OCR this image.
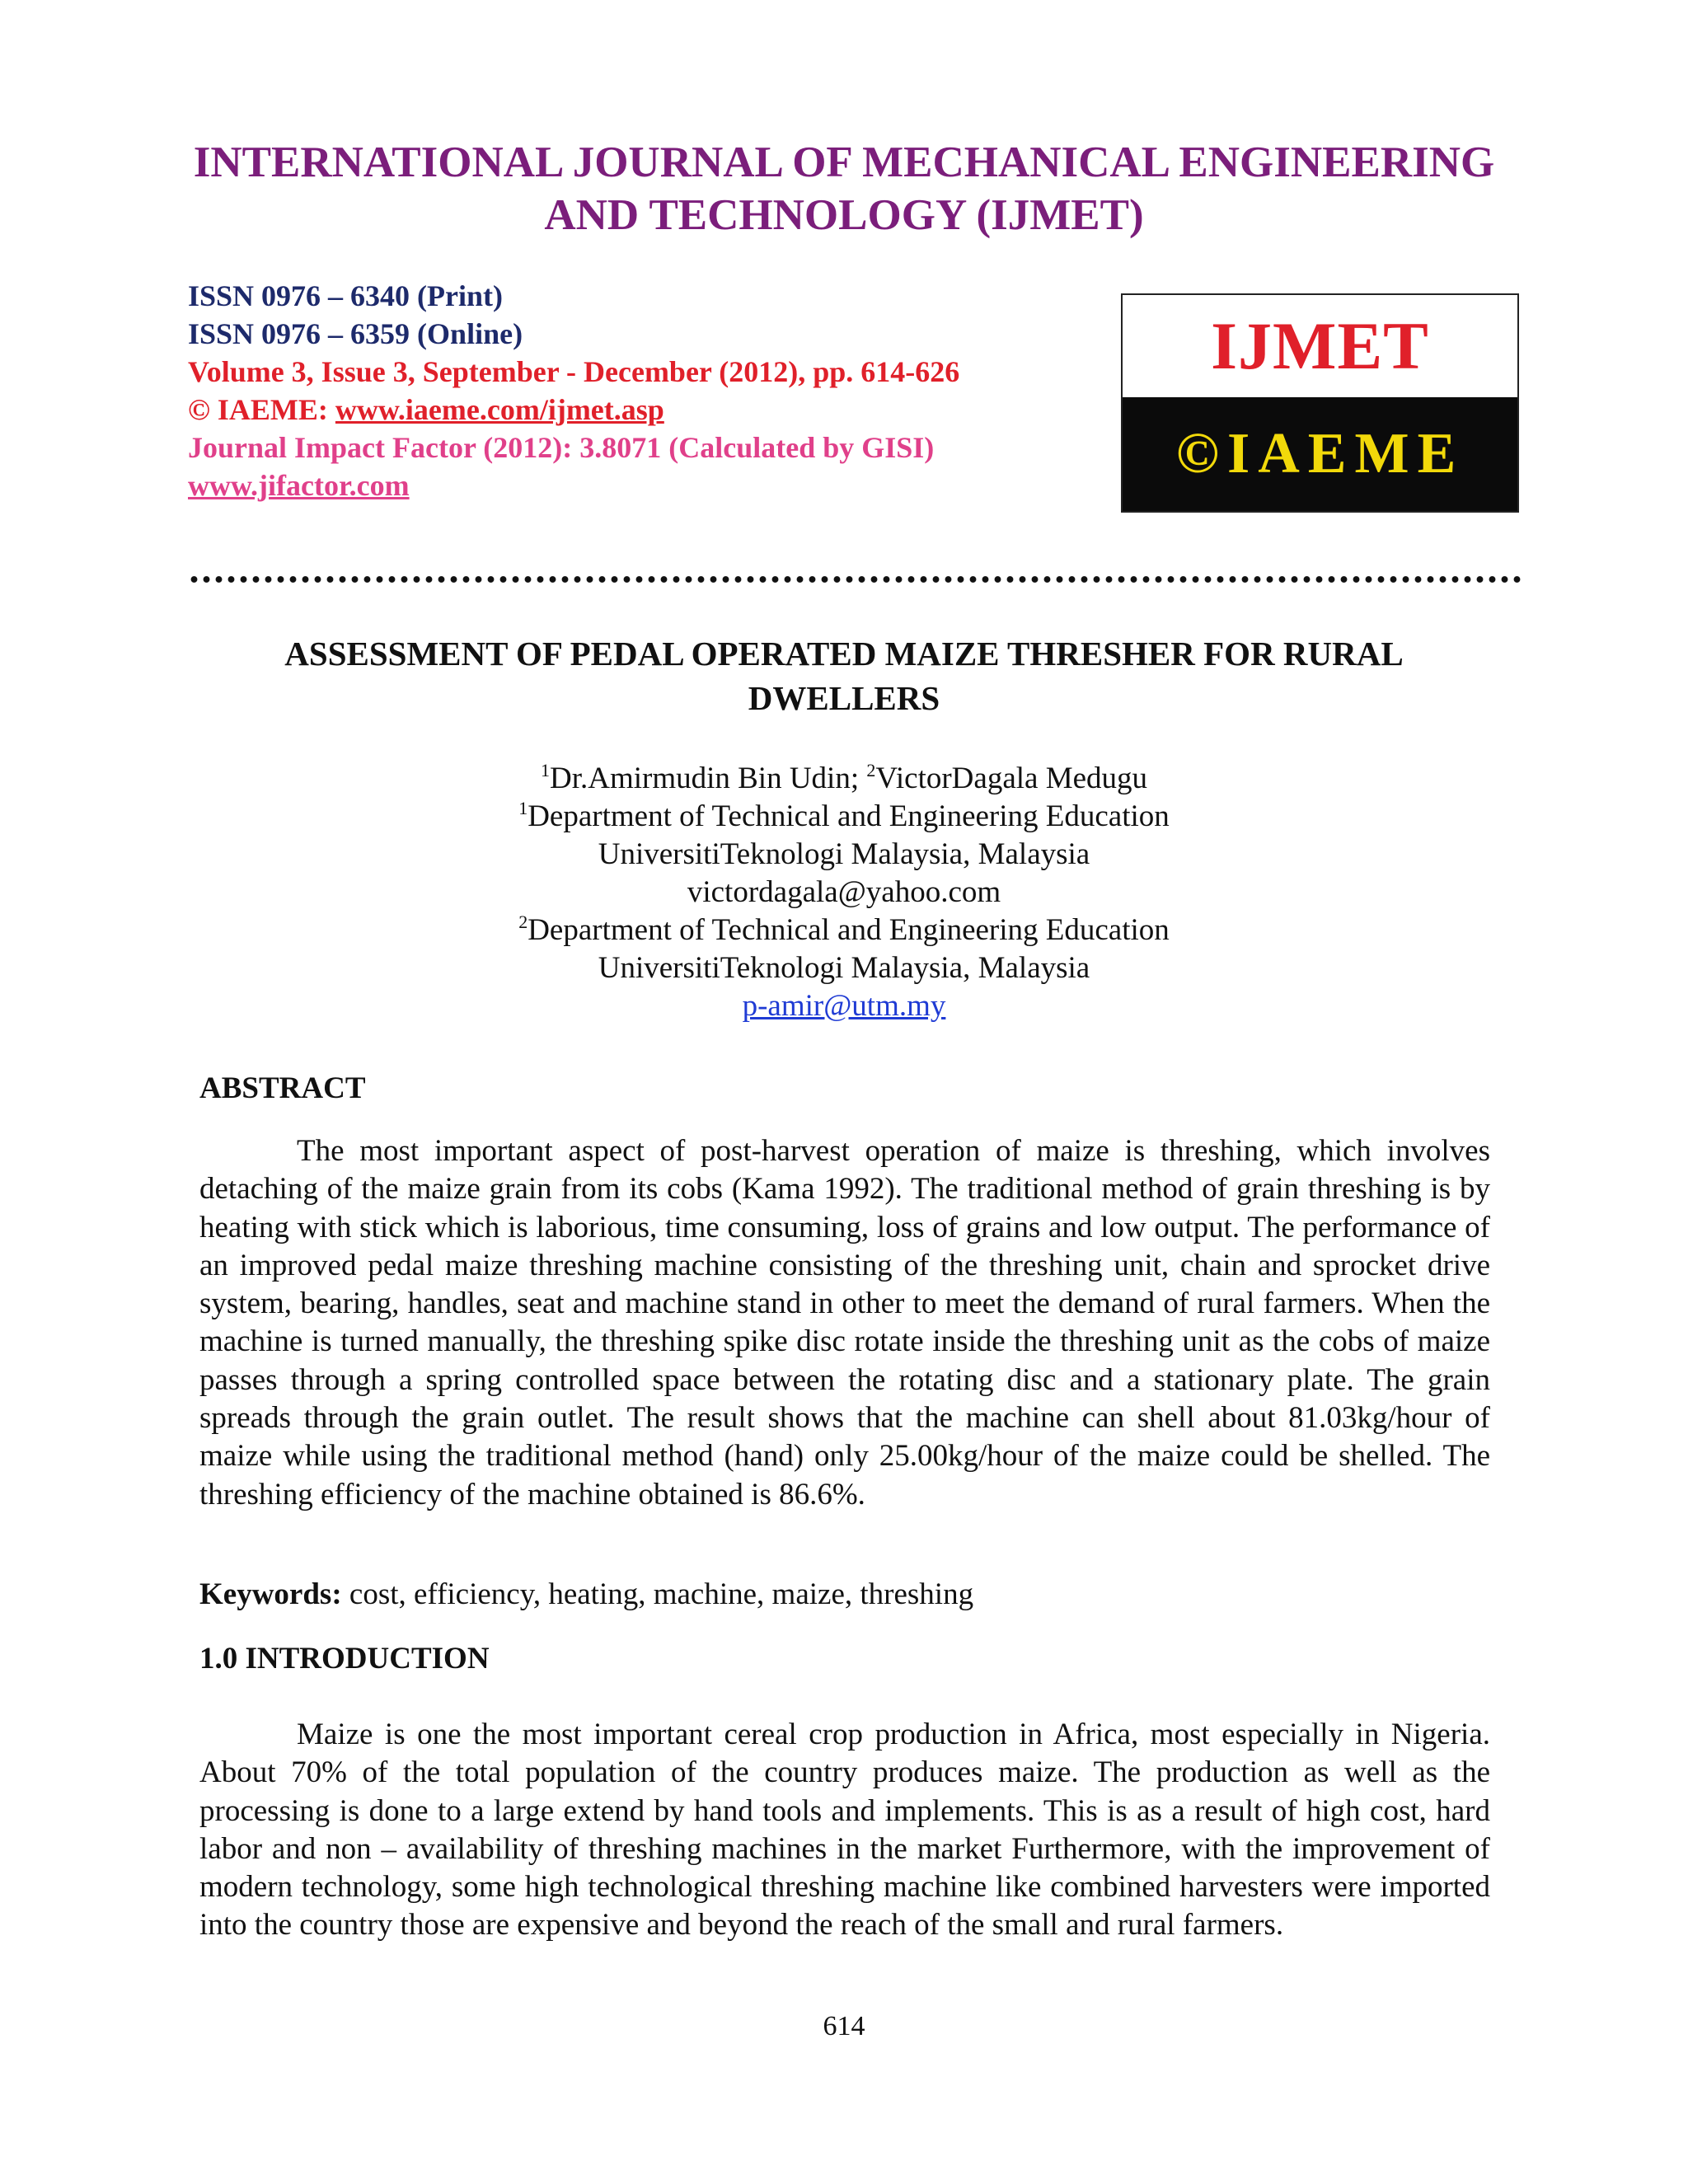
INTERNATIONAL JOURNAL OF MECHANICAL ENGINEERING
AND TECHNOLOGY (IJMET)
ISSN 0976 – 6340 (Print)
ISSN 0976 – 6359 (Online)
Volume 3, Issue 3, September - December (2012), pp. 614-626
© IAEME: www.iaeme.com/ijmet.asp
Journal Impact Factor (2012): 3.8071 (Calculated by GISI)
www.jifactor.com
IJMET
©IAEME
ASSESSMENT OF PEDAL OPERATED MAIZE THRESHER FOR RURAL DWELLERS
$^1$Dr.Amirmudin Bin Udin; $^2$VictorDagala Medugu
$^1$Department of Technical and Engineering Education
UniversitiTeknologi Malaysia, Malaysia
victordagala@yahoo.com
$^2$Department of Technical and Engineering Education
UniversitiTeknologi Malaysia, Malaysia
p-amir@utm.my
ABSTRACT

The most important aspect of post-harvest operation of maize is threshing, which involves detaching of the maize grain from its cobs (Kama 1992). The traditional method of grain threshing is by heating with stick which is laborious, time consuming, loss of grains and low output. The performance of an improved pedal maize threshing machine consisting of the threshing unit, chain and sprocket drive system, bearing, handles, seat and machine stand in other to meet the demand of rural farmers. When the machine is turned manually, the threshing spike disc rotate inside the threshing unit as the cobs of maize passes through a spring controlled space between the rotating disc and a stationary plate. The grain spreads through the grain outlet. The result shows that the machine can shell about 81.03kg/hour of maize while using the traditional method (hand) only 25.00kg/hour of the maize could be shelled. The threshing efficiency of the machine obtained is 86.6%.

Keywords: cost, efficiency, heating, machine, maize, threshing

1.0 INTRODUCTION

Maize is one the most important cereal crop production in Africa, most especially in Nigeria. About 70% of the total population of the country produces maize. The production as well as the processing is done to a large extend by hand tools and implements. This is as a result of high cost, hard labor and non – availability of threshing machines in the market Furthermore, with the improvement of modern technology, some high technological threshing machine like combined harvesters were imported into the country those are expensive and beyond the reach of the small and rural farmers.

614
